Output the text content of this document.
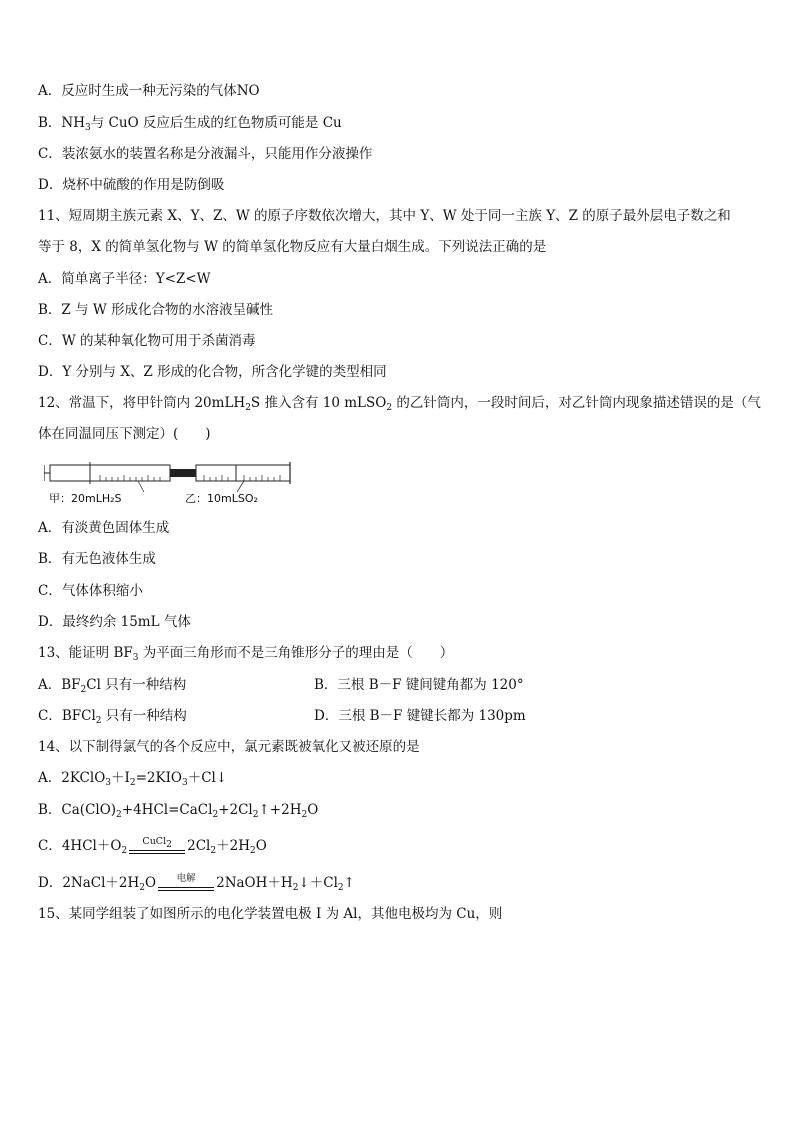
A．反应时生成一种无污染的气体NO
B．$NH_3$与 CuO 反应后生成的红色物质可能是 Cu
C．装浓氨水的装置名称是分液漏斗，只能用作分液操作
D．烧杯中硫酸的作用是防倒吸
11、短周期主族元素 X、Y、Z、W 的原子序数依次增大，其中 Y、W 处于同一主族 Y、Z 的原子最外层电子数之和
等于 8，X 的简单氢化物与 W 的简单氢化物反应有大量白烟生成。下列说法正确的是
A．简单离子半径：Y<Z<W
B．Z 与 W 形成化合物的水溶液呈碱性
C．W 的某种氧化物可用于杀菌消毒
D．Y 分别与 X、Z 形成的化合物，所含化学键的类型相同
12、常温下，将甲针筒内 20mLH$_2$S 推入含有 10 mLSO$_2$ 的乙针筒内，一段时间后，对乙针筒内现象描述错误的是（气
体在同温同压下测定）(　　)
甲：20mLH₂S	乙：10mLSO₂
A．有淡黄色固体生成
B．有无色液体生成
C．气体体积缩小
D．最终约余 15mL 气体
13、能证明 $BF_3$ 为平面三角形而不是三角锥形分子的理由是（　　）
A．$BF_2Cl$ 只有一种结构	B．三根 B－F 键间键角都为 120°
C．BFCl$_2$ 只有一种结构	D．三根 B－F 键键长都为 130pm
14、以下制得氯气的各个反应中，氯元素既被氧化又被还原的是
A．$2KClO_3+I_2=2KIO_3+Cl↓$
B．$Ca(ClO)_2+4HCl=CaCl_2+2Cl_2↑+2H_2O$
C．$4HCl+O_2$
CuCl$_2$	$2Cl_2+2H_2O$
D．$2NaCl+2H_2O$	电解	$2NaOH+H_2↓+Cl_2↑$
15、某同学组装了如图所示的电化学装置电极 I 为 Al，其他电极均为 Cu，则
